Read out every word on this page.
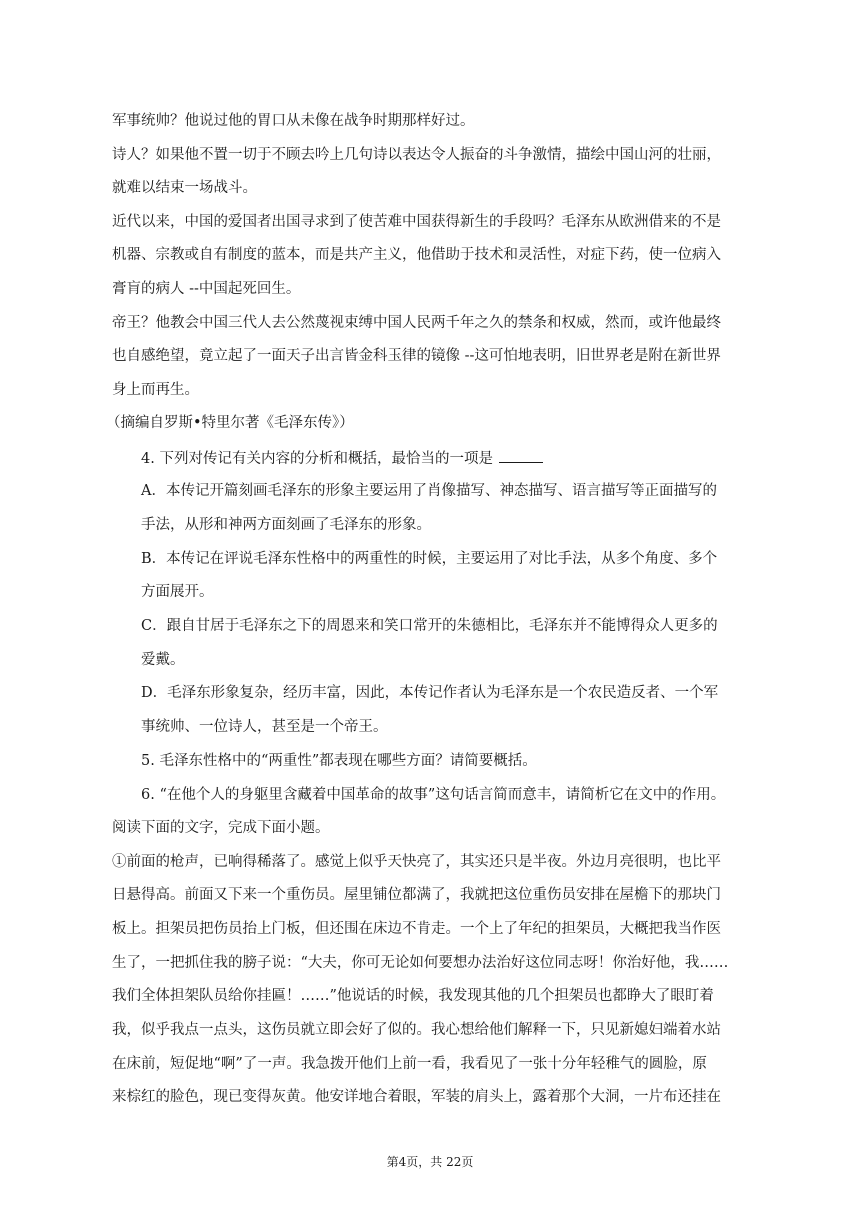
军事统帅？他说过他的胃口从未像在战争时期那样好过。
诗人？如果他不置一切于不顾去吟上几句诗以表达令人振奋的斗争激情，描绘中国山河的壮丽，
就难以结束一场战斗。
近代以来，中国的爱国者出国寻求到了使苦难中国获得新生的手段吗？毛泽东从欧洲借来的不是
机器、宗教或自有制度的蓝本，而是共产主义，他借助于技术和灵活性，对症下药，使一位病入
膏肓的病人 --中国起死回生。
帝王？他教会中国三代人去公然蔑视束缚中国人民两千年之久的禁条和权威，然而，或许他最终
也自感绝望，竟立起了一面天子出言皆金科玉律的镜像 --这可怕地表明，旧世界老是附在新世界
身上而再生。
（摘编自罗斯•特里尔著《毛泽东传》）
4. 下列对传记有关内容的分析和概括，最恰当的一项是
A．本传记开篇刻画毛泽东的形象主要运用了肖像描写、神态描写、语言描写等正面描写的
手法，从形和神两方面刻画了毛泽东的形象。
B．本传记在评说毛泽东性格中的两重性的时候，主要运用了对比手法，从多个角度、多个
方面展开。
C．跟自甘居于毛泽东之下的周恩来和笑口常开的朱德相比，毛泽东并不能博得众人更多的
爱戴。
D．毛泽东形象复杂，经历丰富，因此，本传记作者认为毛泽东是一个农民造反者、一个军
事统帅、一位诗人，甚至是一个帝王。
5. 毛泽东性格中的“两重性”都表现在哪些方面？请简要概括。
6. “在他个人的身躯里含藏着中国革命的故事”这句话言简而意丰，请简析它在文中的作用。
阅读下面的文字，完成下面小题。
①前面的枪声，已响得稀落了。感觉上似乎天快亮了，其实还只是半夜。外边月亮很明，也比平
日悬得高。前面又下来一个重伤员。屋里铺位都满了，我就把这位重伤员安排在屋檐下的那块门
板上。担架员把伤员抬上门板，但还围在床边不肯走。一个上了年纪的担架员，大概把我当作医
生了，一把抓住我的膀子说：“大夫，你可无论如何要想办法治好这位同志呀！你治好他，我……
我们全体担架队员给你挂匾！……”他说话的时候，我发现其他的几个担架员也都睁大了眼盯着
我，似乎我点一点头，这伤员就立即会好了似的。我心想给他们解释一下，只见新媳妇端着水站
在床前，短促地“啊”了一声。我急拨开他们上前一看，我看见了一张十分年轻稚气的圆脸，原
来棕红的脸色，现已变得灰黄。他安详地合着眼，军装的肩头上，露着那个大洞，一片布还挂在
第4页，共 22页
